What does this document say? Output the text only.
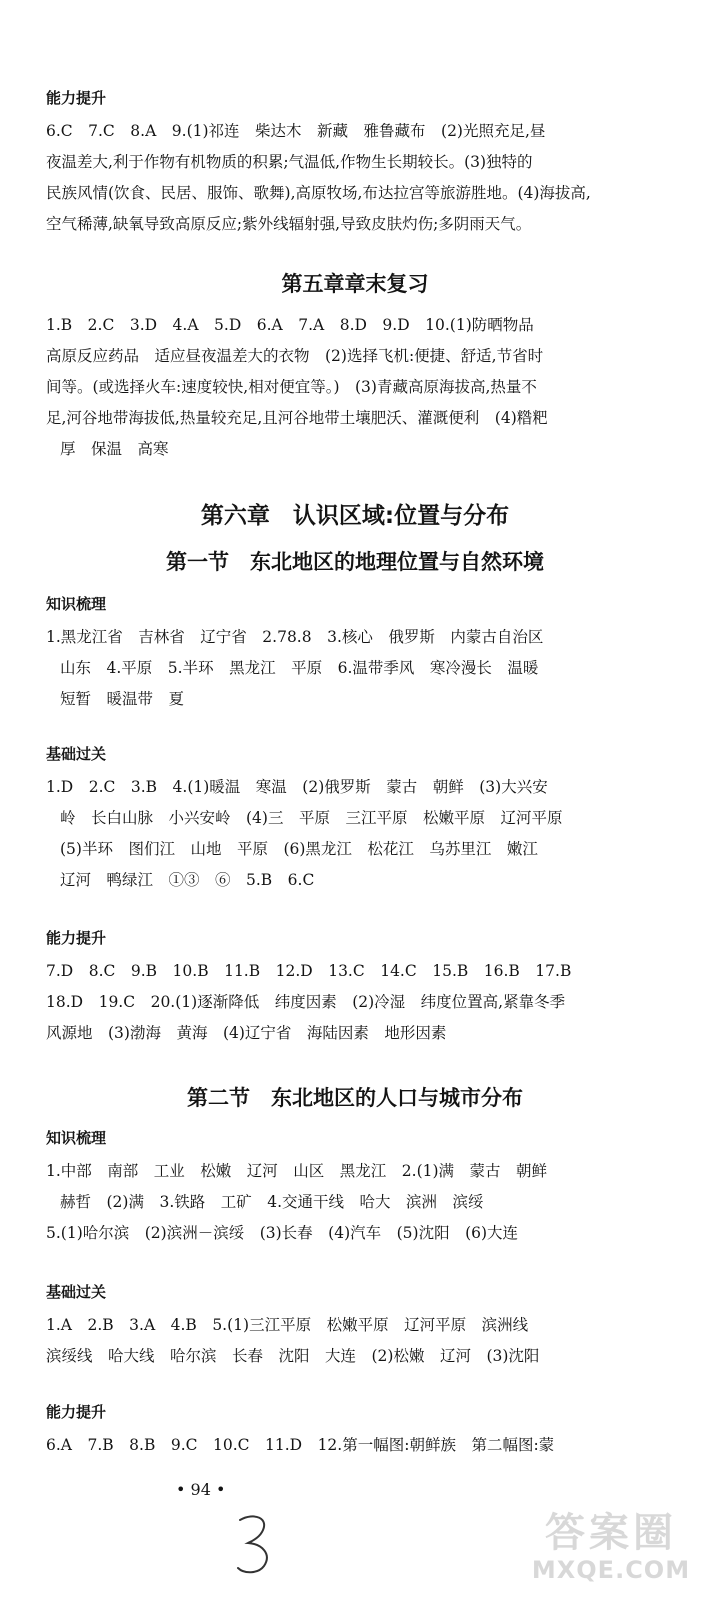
能力提升
6.C　7.C　8.A　9.(1)祁连　柴达木　新藏　雅鲁藏布　(2)光照充足,昼
夜温差大,利于作物有机物质的积累;气温低,作物生长期较长。(3)独特的
民族风情(饮食、民居、服饰、歌舞),高原牧场,布达拉宫等旅游胜地。(4)海拔高,
空气稀薄,缺氧导致高原反应;紫外线辐射强,导致皮肤灼伤;多阴雨天气。
第五章章末复习
1.B　2.C　3.D　4.A　5.D　6.A　7.A　8.D　9.D　10.(1)防晒物品
高原反应药品　适应昼夜温差大的衣物　(2)选择飞机:便捷、舒适,节省时
间等。(或选择火车:速度较快,相对便宜等。)　(3)青藏高原海拔高,热量不
足,河谷地带海拔低,热量较充足,且河谷地带土壤肥沃、灌溉便利　(4)糌粑
厚　保温　高寒
第六章　认识区域:位置与分布
第一节　东北地区的地理位置与自然环境
知识梳理
1.黑龙江省　吉林省　辽宁省　2.78.8　3.核心　俄罗斯　内蒙古自治区
山东　4.平原　5.半环　黑龙江　平原　6.温带季风　寒冷漫长　温暖
短暂　暖温带　夏
基础过关
1.D　2.C　3.B　4.(1)暖温　寒温　(2)俄罗斯　蒙古　朝鲜　(3)大兴安
岭　长白山脉　小兴安岭　(4)三　平原　三江平原　松嫩平原　辽河平原
(5)半环　图们江　山地　平原　(6)黑龙江　松花江　乌苏里江　嫩江
辽河　鸭绿江　①③　⑥　5.B　6.C
能力提升
7.D　8.C　9.B　10.B　11.B　12.D　13.C　14.C　15.B　16.B　17.B
18.D　19.C　20.(1)逐渐降低　纬度因素　(2)冷湿　纬度位置高,紧靠冬季
风源地　(3)渤海　黄海　(4)辽宁省　海陆因素　地形因素
第二节　东北地区的人口与城市分布
知识梳理
1.中部　南部　工业　松嫩　辽河　山区　黑龙江　2.(1)满　蒙古　朝鲜
赫哲　(2)满　3.铁路　工矿　4.交通干线　哈大　滨洲　滨绥
5.(1)哈尔滨　(2)滨洲－滨绥　(3)长春　(4)汽车　(5)沈阳　(6)大连
基础过关
1.A　2.B　3.A　4.B　5.(1)三江平原　松嫩平原　辽河平原　滨洲线
滨绥线　哈大线　哈尔滨　长春　沈阳　大连　(2)松嫩　辽河　(3)沈阳
能力提升
6.A　7.B　8.B　9.C　10.C　11.D　12.第一幅图:朝鲜族　第二幅图:蒙
• 94 •
答案圈
MXQE.COM
